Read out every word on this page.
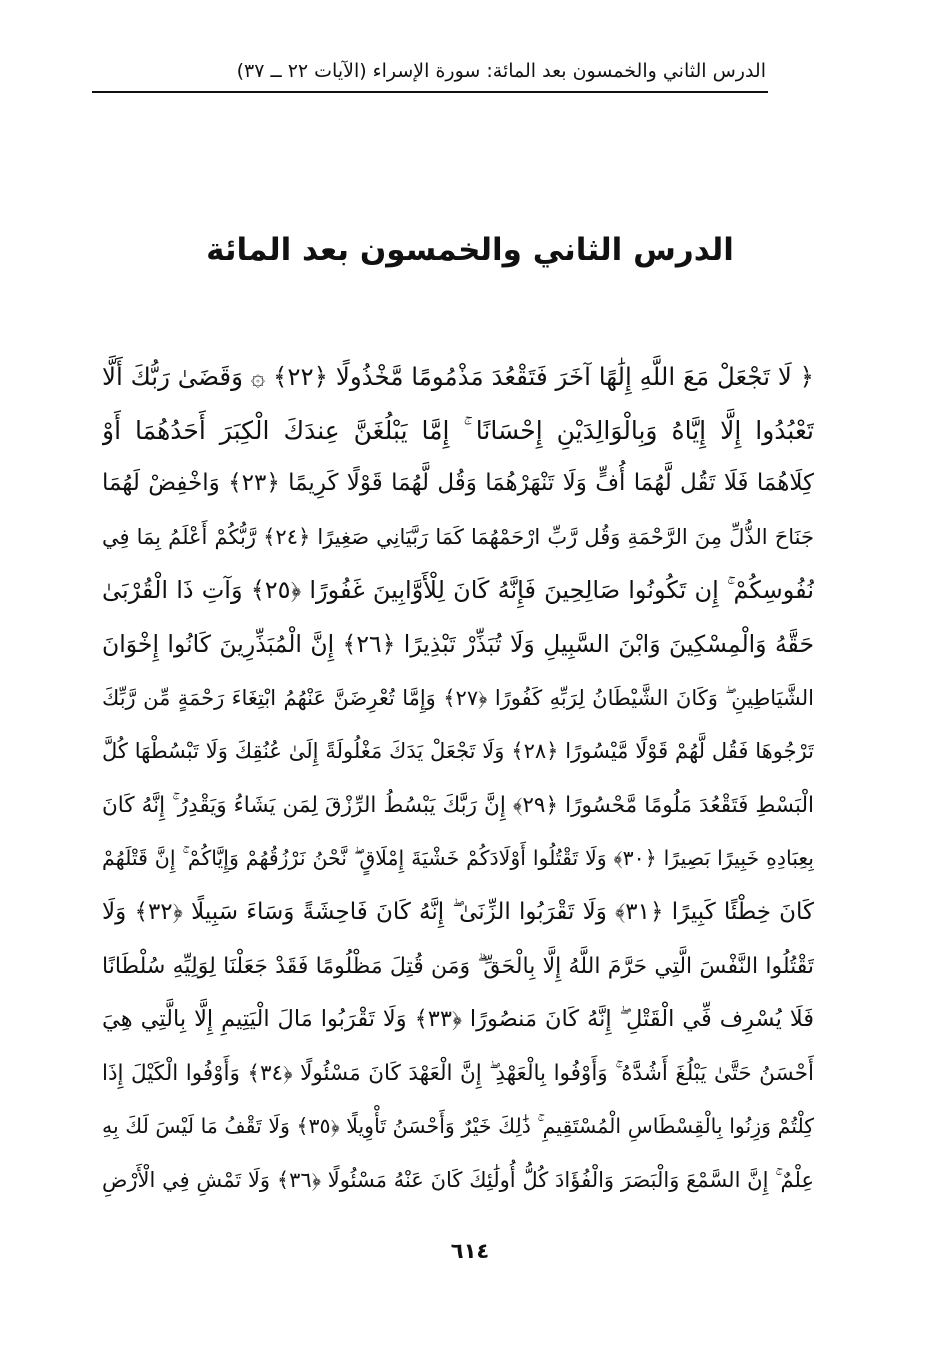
الدرس الثاني والخمسون بعد المائة: سورة الإسراء (الآيات ٢٢ ــ ٣٧)
الدرس الثاني والخمسون بعد المائة
﴿ لَا تَجْعَلْ مَعَ اللَّهِ إِلَٰهًا آخَرَ فَتَقْعُدَ مَذْمُومًا مَّخْذُولًا ﴿٢٢﴾ ۞ وَقَضَىٰ رَبُّكَ أَلَّا
تَعْبُدُوا إِلَّا إِيَّاهُ وَبِالْوَالِدَيْنِ إِحْسَانًا ۚ إِمَّا يَبْلُغَنَّ عِندَكَ الْكِبَرَ أَحَدُهُمَا أَوْ
كِلَاهُمَا فَلَا تَقُل لَّهُمَا أُفٍّ وَلَا تَنْهَرْهُمَا وَقُل لَّهُمَا قَوْلًا كَرِيمًا ﴿٢٣﴾ وَاخْفِضْ لَهُمَا
جَنَاحَ الذُّلِّ مِنَ الرَّحْمَةِ وَقُل رَّبِّ ارْحَمْهُمَا كَمَا رَبَّيَانِي صَغِيرًا ﴿٢٤﴾ رَّبُّكُمْ أَعْلَمُ بِمَا فِي
نُفُوسِكُمْ ۚ إِن تَكُونُوا صَالِحِينَ فَإِنَّهُ كَانَ لِلْأَوَّابِينَ غَفُورًا ﴿٢٥﴾ وَآتِ ذَا الْقُرْبَىٰ
حَقَّهُ وَالْمِسْكِينَ وَابْنَ السَّبِيلِ وَلَا تُبَذِّرْ تَبْذِيرًا ﴿٢٦﴾ إِنَّ الْمُبَذِّرِينَ كَانُوا إِخْوَانَ
الشَّيَاطِينِ ۖ وَكَانَ الشَّيْطَانُ لِرَبِّهِ كَفُورًا ﴿٢٧﴾ وَإِمَّا تُعْرِضَنَّ عَنْهُمُ ابْتِغَاءَ رَحْمَةٍ مِّن رَّبِّكَ
تَرْجُوهَا فَقُل لَّهُمْ قَوْلًا مَّيْسُورًا ﴿٢٨﴾ وَلَا تَجْعَلْ يَدَكَ مَغْلُولَةً إِلَىٰ عُنُقِكَ وَلَا تَبْسُطْهَا كُلَّ
الْبَسْطِ فَتَقْعُدَ مَلُومًا مَّحْسُورًا ﴿٢٩﴾ إِنَّ رَبَّكَ يَبْسُطُ الرِّزْقَ لِمَن يَشَاءُ وَيَقْدِرُ ۚ إِنَّهُ كَانَ
بِعِبَادِهِ خَبِيرًا بَصِيرًا ﴿٣٠﴾ وَلَا تَقْتُلُوا أَوْلَادَكُمْ خَشْيَةَ إِمْلَاقٍ ۖ نَّحْنُ نَرْزُقُهُمْ وَإِيَّاكُمْ ۚ إِنَّ قَتْلَهُمْ
كَانَ خِطْئًا كَبِيرًا ﴿٣١﴾ وَلَا تَقْرَبُوا الزِّنَىٰ ۖ إِنَّهُ كَانَ فَاحِشَةً وَسَاءَ سَبِيلًا ﴿٣٢﴾ وَلَا
تَقْتُلُوا النَّفْسَ الَّتِي حَرَّمَ اللَّهُ إِلَّا بِالْحَقِّ ۗ وَمَن قُتِلَ مَظْلُومًا فَقَدْ جَعَلْنَا لِوَلِيِّهِ سُلْطَانًا
فَلَا يُسْرِف فِّي الْقَتْلِ ۖ إِنَّهُ كَانَ مَنصُورًا ﴿٣٣﴾ وَلَا تَقْرَبُوا مَالَ الْيَتِيمِ إِلَّا بِالَّتِي هِيَ
أَحْسَنُ حَتَّىٰ يَبْلُغَ أَشُدَّهُ ۚ وَأَوْفُوا بِالْعَهْدِ ۖ إِنَّ الْعَهْدَ كَانَ مَسْئُولًا ﴿٣٤﴾ وَأَوْفُوا الْكَيْلَ إِذَا
كِلْتُمْ وَزِنُوا بِالْقِسْطَاسِ الْمُسْتَقِيمِ ۚ ذَٰلِكَ خَيْرٌ وَأَحْسَنُ تَأْوِيلًا ﴿٣٥﴾ وَلَا تَقْفُ مَا لَيْسَ لَكَ بِهِ
عِلْمٌ ۚ إِنَّ السَّمْعَ وَالْبَصَرَ وَالْفُؤَادَ كُلُّ أُولَٰئِكَ كَانَ عَنْهُ مَسْئُولًا ﴿٣٦﴾ وَلَا تَمْشِ فِي الْأَرْضِ
٦١٤
